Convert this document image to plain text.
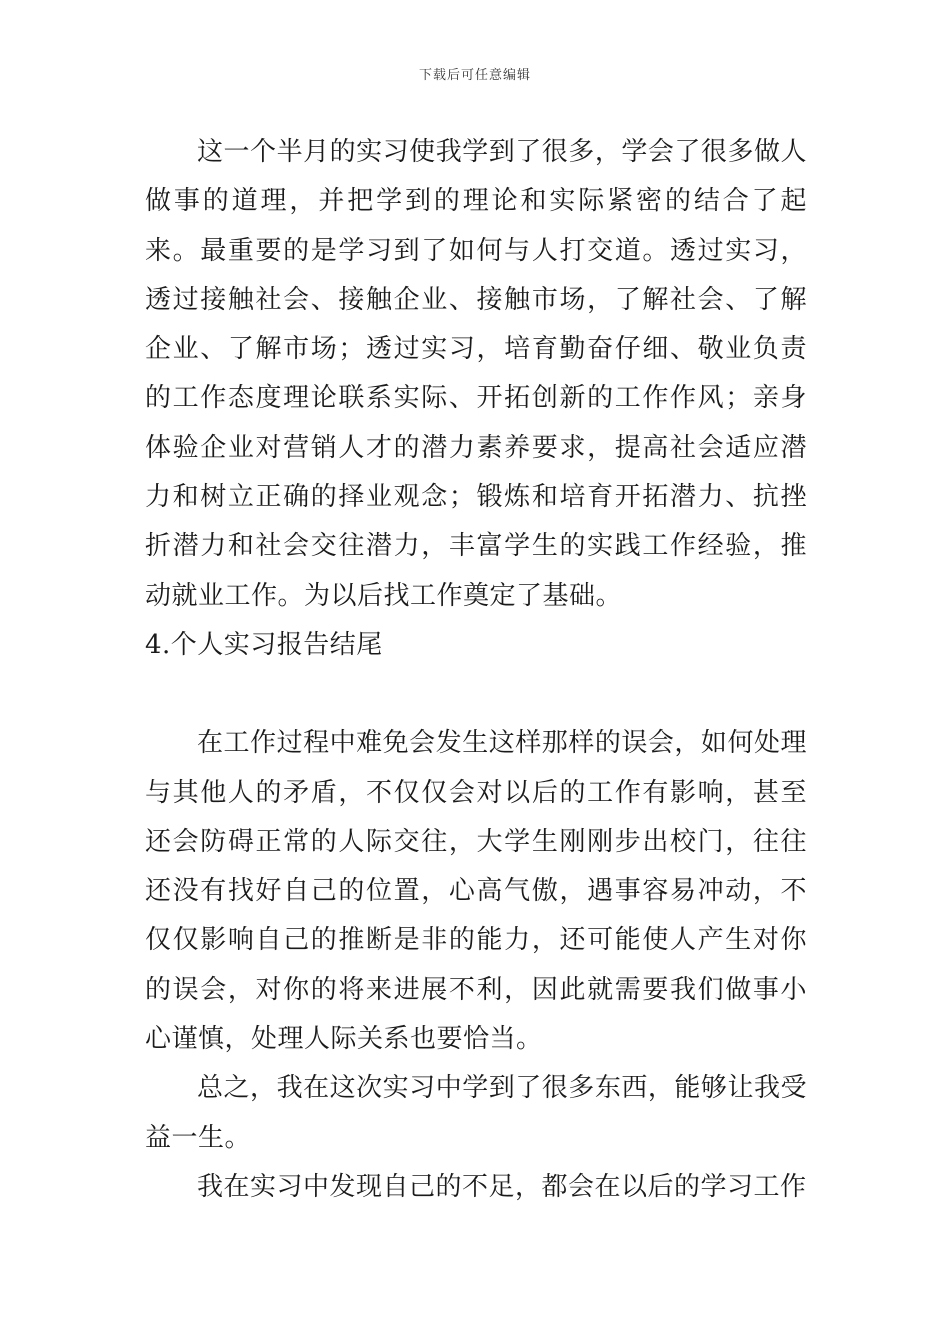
下载后可任意编辑

这一个半月的实习使我学到了很多，学会了很多做人做事的道理，并把学到的理论和实际紧密的结合了起来。最重要的是学习到了如何与人打交道。透过实习，透过接触社会、接触企业、接触市场，了解社会、了解企业、了解市场；透过实习，培育勤奋仔细、敬业负责的工作态度理论联系实际、开拓创新的工作作风；亲身体验企业对营销人才的潜力素养要求，提高社会适应潜力和树立正确的择业观念；锻炼和培育开拓潜力、抗挫折潜力和社会交往潜力，丰富学生的实践工作经验，推动就业工作。为以后找工作奠定了基础。

4.个人实习报告结尾

在工作过程中难免会发生这样那样的误会，如何处理与其他人的矛盾，不仅仅会对以后的工作有影响，甚至还会防碍正常的人际交往，大学生刚刚步出校门，往往还没有找好自己的位置，心高气傲，遇事容易冲动，不仅仅影响自己的推断是非的能力，还可能使人产生对你的误会，对你的将来进展不利，因此就需要我们做事小心谨慎，处理人际关系也要恰当。

总之，我在这次实习中学到了很多东西，能够让我受益一生。

我在实习中发现自己的不足，都会在以后的学习工作
